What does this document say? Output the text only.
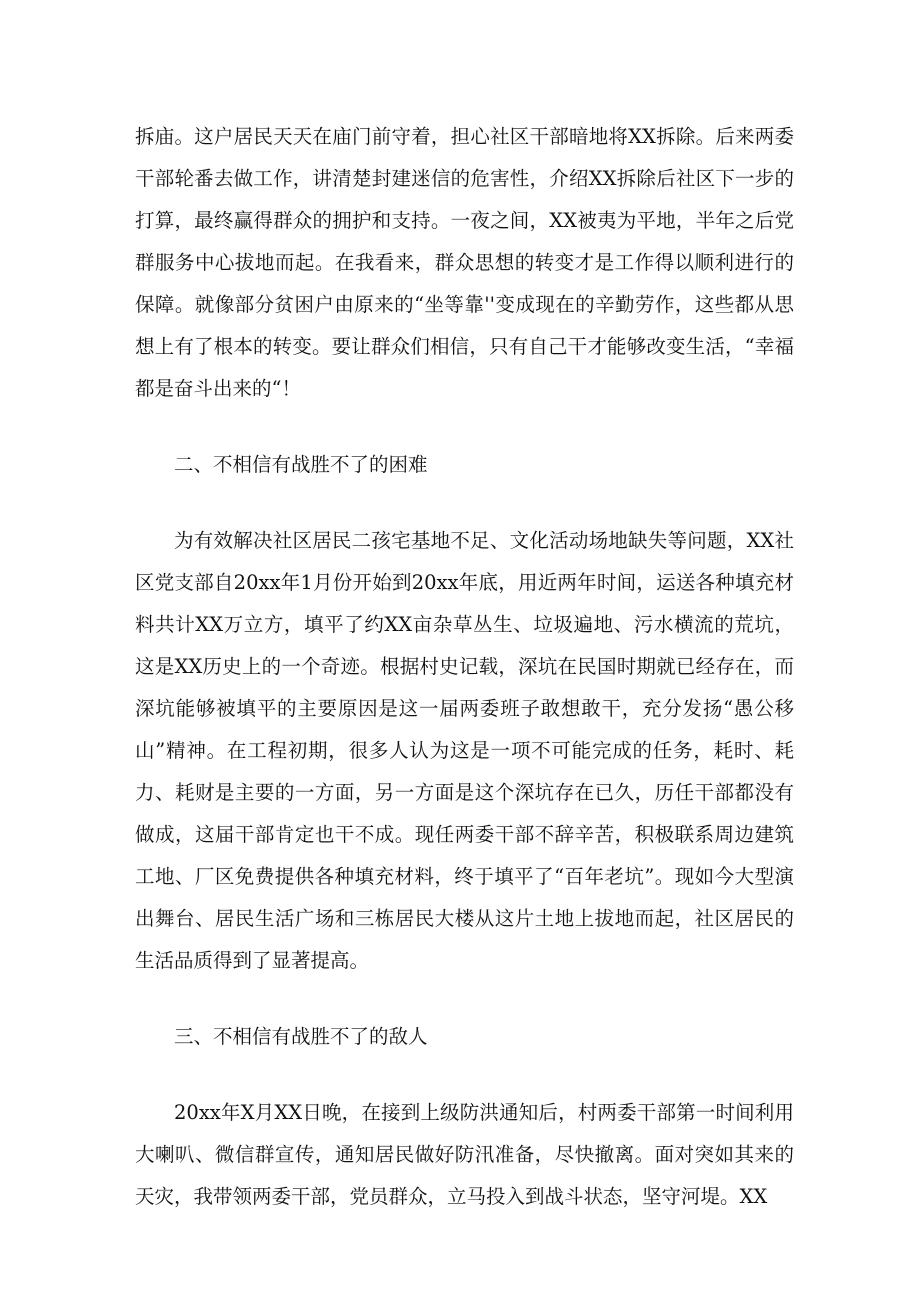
拆庙。这户居民天天在庙门前守着，担心社区干部暗地将XX拆除。后来两委干部轮番去做工作，讲清楚封建迷信的危害性，介绍XX拆除后社区下一步的打算，最终赢得群众的拥护和支持。一夜之间，XX被夷为平地，半年之后党群服务中心拔地而起。在我看来，群众思想的转变才是工作得以顺利进行的保障。就像部分贫困户由原来的“坐等靠''变成现在的辛勤劳作，这些都从思想上有了根本的转变。要让群众们相信，只有自己干才能够改变生活，“幸福都是奋斗出来的“！

二、不相信有战胜不了的困难

为有效解决社区居民二孩宅基地不足、文化活动场地缺失等问题，XX社区党支部自20xx年1月份开始到20xx年底，用近两年时间，运送各种填充材料共计XX万立方，填平了约XX亩杂草丛生、垃圾遍地、污水横流的荒坑，这是XX历史上的一个奇迹。根据村史记载，深坑在民国时期就已经存在，而深坑能够被填平的主要原因是这一届两委班子敢想敢干，充分发扬“愚公移山”精神。在工程初期，很多人认为这是一项不可能完成的任务，耗时、耗力、耗财是主要的一方面，另一方面是这个深坑存在已久，历任干部都没有做成，这届干部肯定也干不成。现任两委干部不辞辛苦，积极联系周边建筑工地、厂区免费提供各种填充材料，终于填平了“百年老坑”。现如今大型演出舞台、居民生活广场和三栋居民大楼从这片土地上拔地而起，社区居民的生活品质得到了显著提高。

三、不相信有战胜不了的敌人

20xx年X月XX日晚，在接到上级防洪通知后，村两委干部第一时间利用大喇叭、微信群宣传，通知居民做好防汛准备，尽快撤离。面对突如其来的天灾，我带领两委干部，党员群众，立马投入到战斗状态，坚守河堤。XX
